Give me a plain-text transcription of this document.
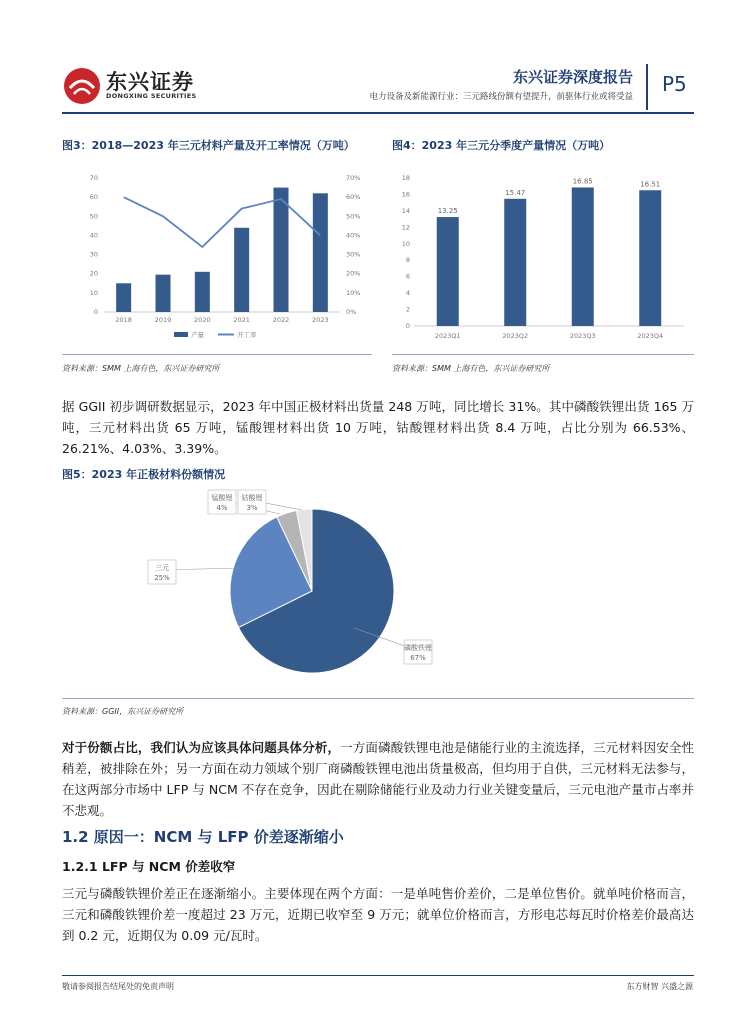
东兴证券
DONGXING SECURITIES
东兴证券深度报告 P5
电力设备及新能源行业：三元路线份额有望提升，前驱体行业或将受益
图3：2018—2023 年三元材料产量及开工率情况（万吨）
0
10
20
30
40
50
60
70
0%
10%
20%
30%
40%
50%
60%
70%
2018	2019	2020	2021	2022	2023
产量	开工率
资料来源：SMM 上海有色，东兴证券研究所
图4：2023 年三元分季度产量情况（万吨）
0
2
4
6
8
10
12
14
16
18
13.25
2023Q1
15.47
2023Q2
16.85
2023Q3
16.51
2023Q4
资料来源：SMM 上海有色，东兴证券研究所
据 GGII 初步调研数据显示，2023 年中国正极材料出货量 248 万吨，同比增长 31%。其中磷酸铁锂出货 165 万吨，三元材料出货 65 万吨，锰酸锂材料出货 10 万吨，钴酸锂材料出货 8.4 万吨，占比分别为 66.53%、26.21%、4.03%、3.39%。
图5：2023 年正极材料份额情况
磷酸铁锂
67%
三元
25%
锰酸锂
4%
钴酸锂
3%
资料来源：GGII，东兴证券研究所
对于份额占比，我们认为应该具体问题具体分析，一方面磷酸铁锂电池是储能行业的主流选择，三元材料因安全性稍差，被排除在外；另一方面在动力领域个别厂商磷酸铁锂电池出货量极高，但均用于自供，三元材料无法参与，在这两部分市场中 LFP 与 NCM 不存在竞争，因此在剔除储能行业及动力行业关键变量后，三元电池产量市占率并不悲观。
1.2 原因一：NCM 与 LFP 价差逐渐缩小
1.2.1 LFP 与 NCM 价差收窄
三元与磷酸铁锂价差正在逐渐缩小。主要体现在两个方面：一是单吨售价差价，二是单位售价。就单吨价格而言，三元和磷酸铁锂价差一度超过 23 万元，近期已收窄至 9 万元；就单位价格而言，方形电芯每瓦时价格差价最高达到 0.2 元，近期仅为 0.09 元/瓦时。
敬请参阅报告结尾处的免责声明	东方财智 兴盛之源
